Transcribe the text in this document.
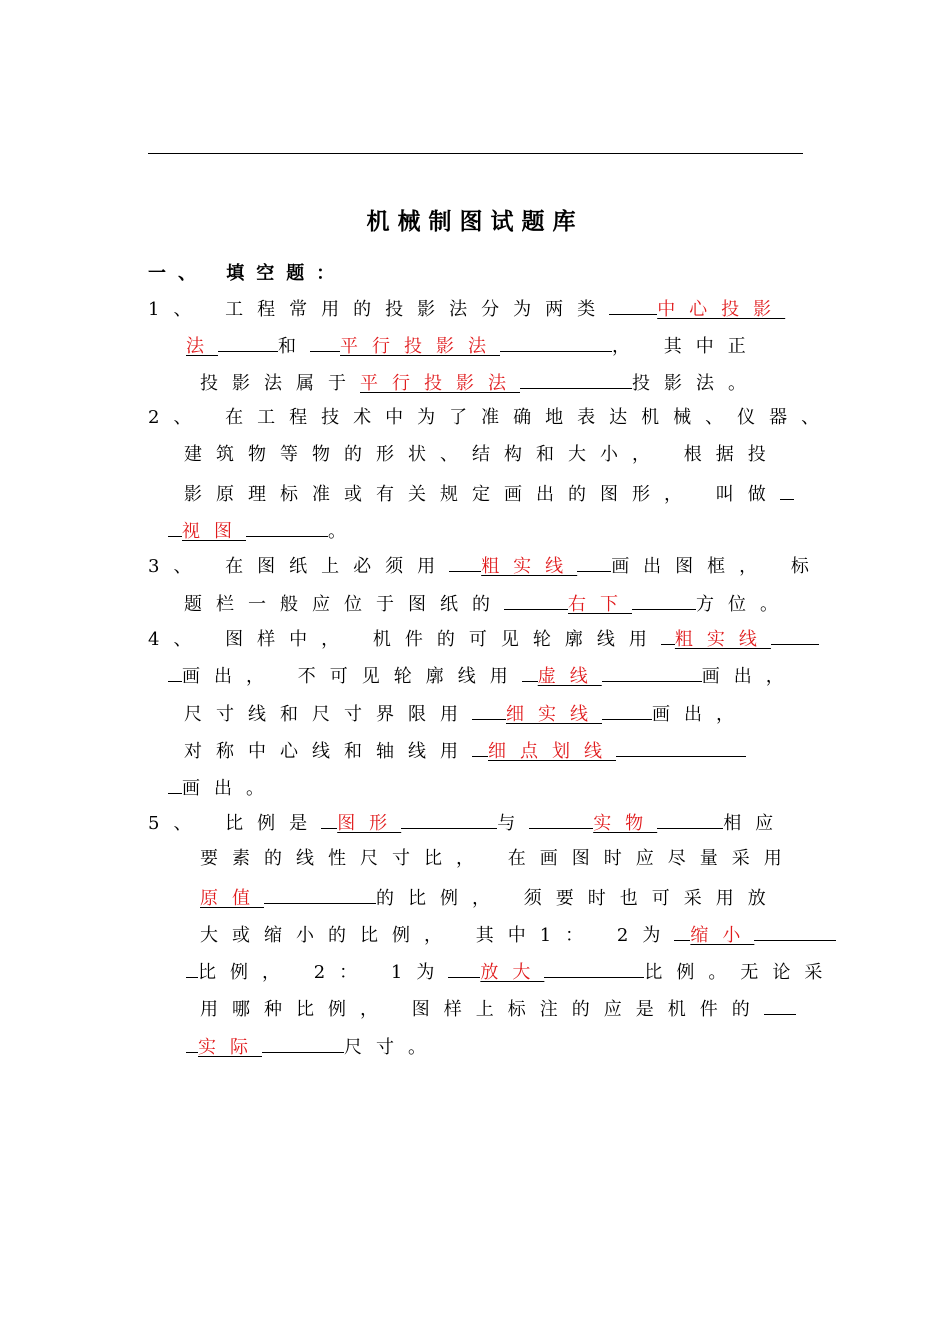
机械制图试题库
一、 填空题：
1、 工程常用的投影法分为两类	中心投影
法	和 平行投影法	， 其中正
投影法属于平行投影法	投影法。
2、 在工程技术中为了准确地表达机械、仪器、
建筑物等物的形状、结构和大小， 根据投
影原理标准或有关规定画出的图形， 叫做
视图	。
3、 在图纸上必须用 粗实线 画出图框， 标
题栏一般应位于图纸的	右下	方位。
4、 图样中， 机件的可见轮廓线用 粗实线
画出， 不可见轮廓线用 虚线	画出，
尺寸线和尺寸界限用 细实线	画出，
对称中心线和轴线用 细点划线
画出。
5、 比例是 图形	与	实物	相应
要素的线性尺寸比， 在画图时应尽量采用
原值	的比例， 须要时也可采用放
大或缩小的比例， 其中1： 2为 缩小
比例， 2： 1为 放大	比例。无论采
用哪种比例， 图样上标注的应是机件的
实际	尺寸。
